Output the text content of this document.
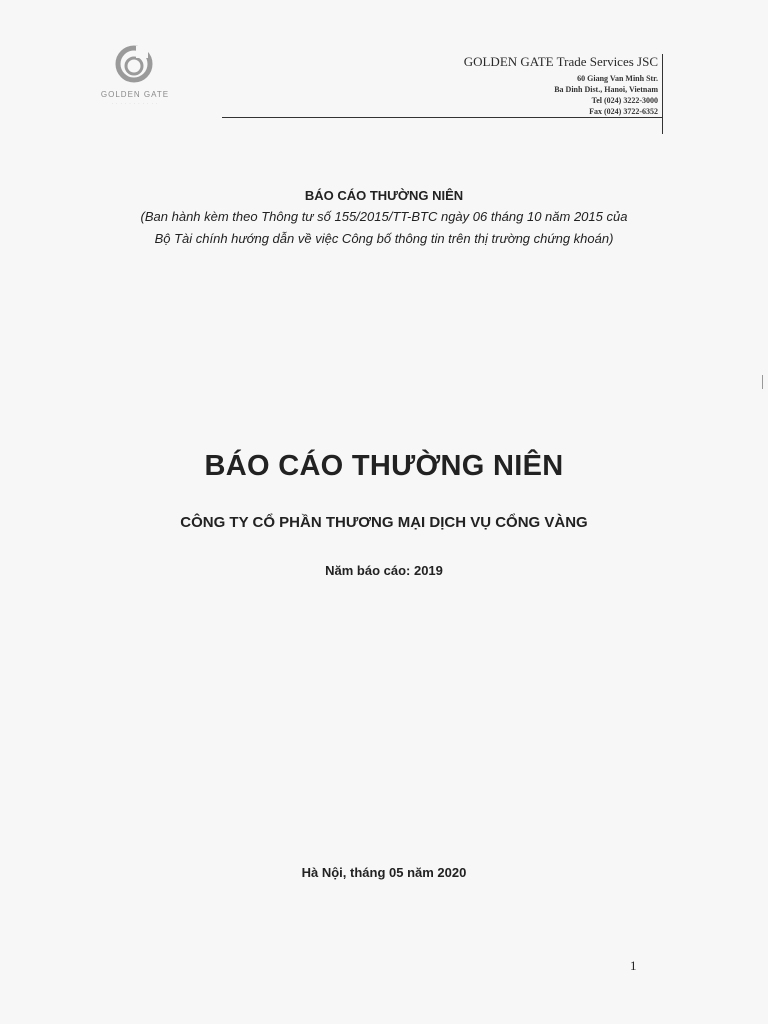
GOLDEN GATE
· · · · · · · · · · ·
GOLDEN GATE Trade Services JSC
60 Giang Van Minh Str.
Ba Dinh Dist., Hanoi, Vietnam
Tel (024) 3222-3000
Fax (024) 3722-6352
BÁO CÁO THƯỜNG NIÊN
(Ban hành kèm theo Thông tư số 155/2015/TT-BTC ngày 06 tháng 10 năm 2015 của
Bộ Tài chính hướng dẫn về việc Công bố thông tin trên thị trường chứng khoán)
BÁO CÁO THƯỜNG NIÊN
CÔNG TY CỔ PHẦN THƯƠNG MẠI DỊCH VỤ CỔNG VÀNG
Năm báo cáo: 2019
Hà Nội, tháng 05 năm 2020
1
